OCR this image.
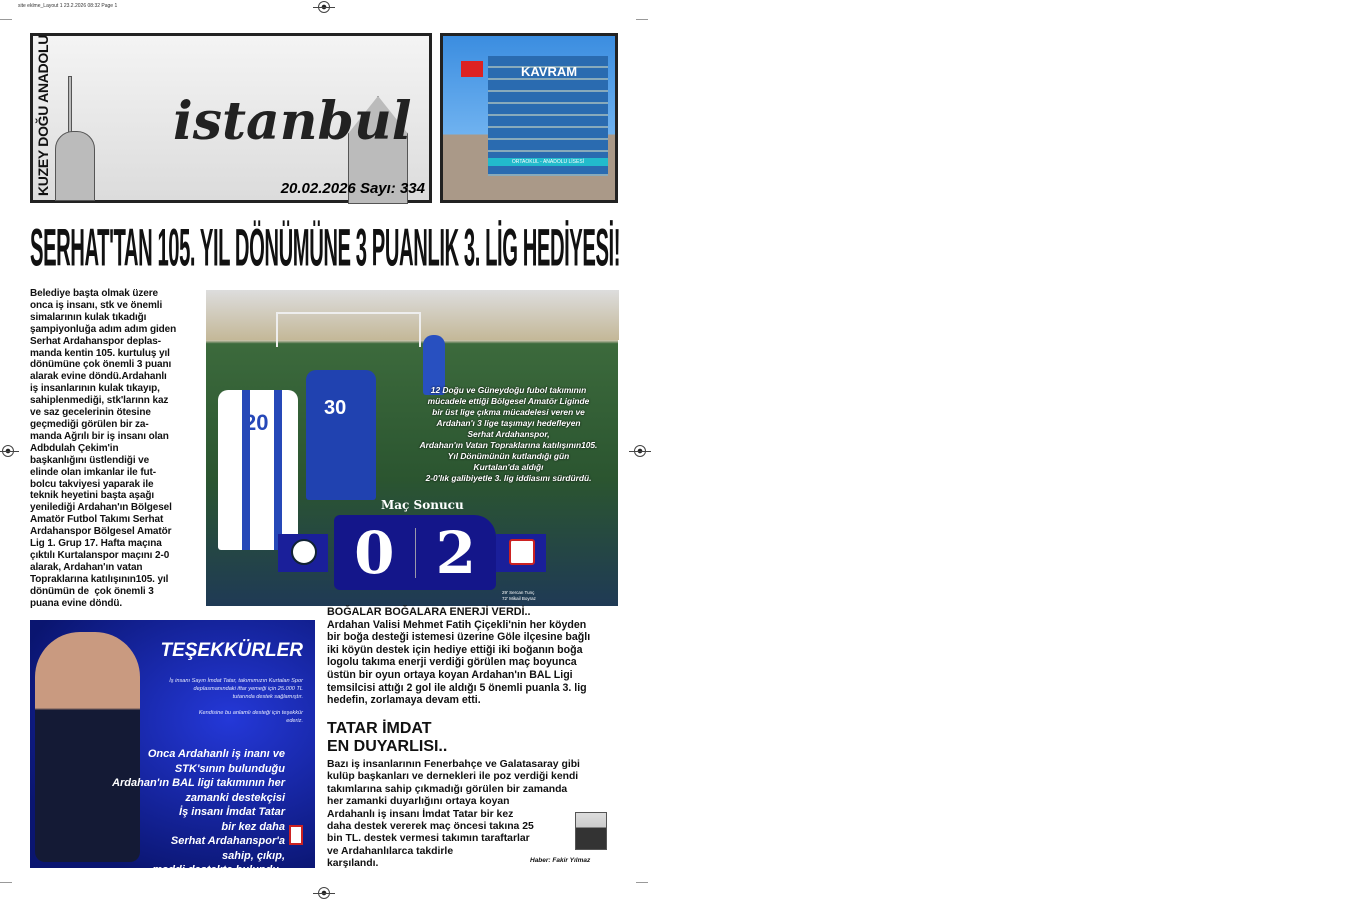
site eklme_Layout 1 23.2.2026 08:32 Page 1
KUZEY DOĞU ANADOLU istanbul
20.02.2026 Sayı: 334
KAVRAM
ORTAOKUL - ANADOLU LİSESİ
SERHAT'TAN 105. YIL DÖNÜMÜNE 3 PUANLIK 3. LİG HEDİYESİ!
Belediye başta olmak üzere
onca iş insanı, stk ve önemli
simalarının kulak tıkadığı
şampiyonluğa adım adım giden
Serhat Ardahanspor deplas-
manda kentin 105. kurtuluş yıl
dönümüne çok önemli 3 puanı
alarak evine döndü.Ardahanlı
iş insanlarının kulak tıkayıp,
sahiplenmediği, stk'larınn kaz
ve saz gecelerinin ötesine
geçmediği görülen bir za-
manda Ağrılı bir iş insanı olan
Adbdulah Çekim'in
başkanlığını üstlendiği ve
elinde olan imkanlar ile fut-
bolcu takviyesi yaparak ile
teknik heyetini başta aşağı
yenilediği Ardahan'ın Bölgesel
Amatör Futbol Takımı Serhat
Ardahanspor Bölgesel Amatör
Lig 1. Grup 17. Hafta maçına
çıktılı Kurtalanspor maçını 2-0
alarak, Ardahan'ın vatan
Topraklarına katılışının105. yıl
dönümün de  çok önemli 3
puana evine döndü.
20
30
12 Doğu ve Güneydoğu fubol takımının
mücadele ettiği Bölgesel Amatör Liginde
bir üst lige çıkma mücadelesi veren ve
Ardahan'ı 3 lige taşımayı hedefleyen
Serhat Ardahanspor,
Ardahan'ın Vatan Topraklarına katılışının105.
Yıl Dönümünün kutlandığı gün
Kurtalan'da aldığı
2-0'lık galibiyetle 3. lig iddiasını sürdürdü.
Maç Sonucu
0 2
29' Sercan Tunç
72' Mikail Boyraz
TEŞEKKÜRLER
İş insanı Sayın İmdat Tatar, takımımızın Kurtalan Spor
deplasmanındaki iftar yemeği için 25.000 TL
tutarında destek sağlamıştır.

Kendisine bu anlamlı desteği için teşekkür
ederiz.
Onca Ardahanlı iş inanı ve
STK'sının bulunduğu
Ardahan'ın BAL ligi takımının her
zamanki destekçisi
İş insanı İmdat Tatar
bir kez daha
Serhat Ardahanspor'a
sahip, çıkıp,
maddi destekte bulundu..
BOĞALAR BOĞALARA ENERJİ VERDİ..

Ardahan Valisi Mehmet Fatih Çiçekli'nin her köyden
bir boğa desteği istemesi üzerine Göle ilçesine bağlı
iki köyün destek için hediye ettiği iki boğanın boğa
logolu takıma enerji verdiği görülen maç boyunca
üstün bir oyun ortaya koyan Ardahan'ın BAL Ligi
temsilcisi attığı 2 gol ile aldığı 5 önemli puanla 3. lig
hedefin, zorlamaya devam etti.

TATAR İMDAT
EN DUYARLISI..

Bazı iş insanlarının Fenerbahçe ve Galatasaray gibi
kulüp başkanları ve dernekleri ile poz verdiği kendi
takımlarına sahip çıkmadığı görülen bir zamanda
her zamanki duyarlığını ortaya koyan
Ardahanlı iş insanı İmdat Tatar bir kez
daha destek vererek maç öncesi takına 25
bin TL. destek vermesi takımın taraftarlar
ve Ardahanlılarca takdirle
karşılandı.	Haber: Fakir Yılmaz
